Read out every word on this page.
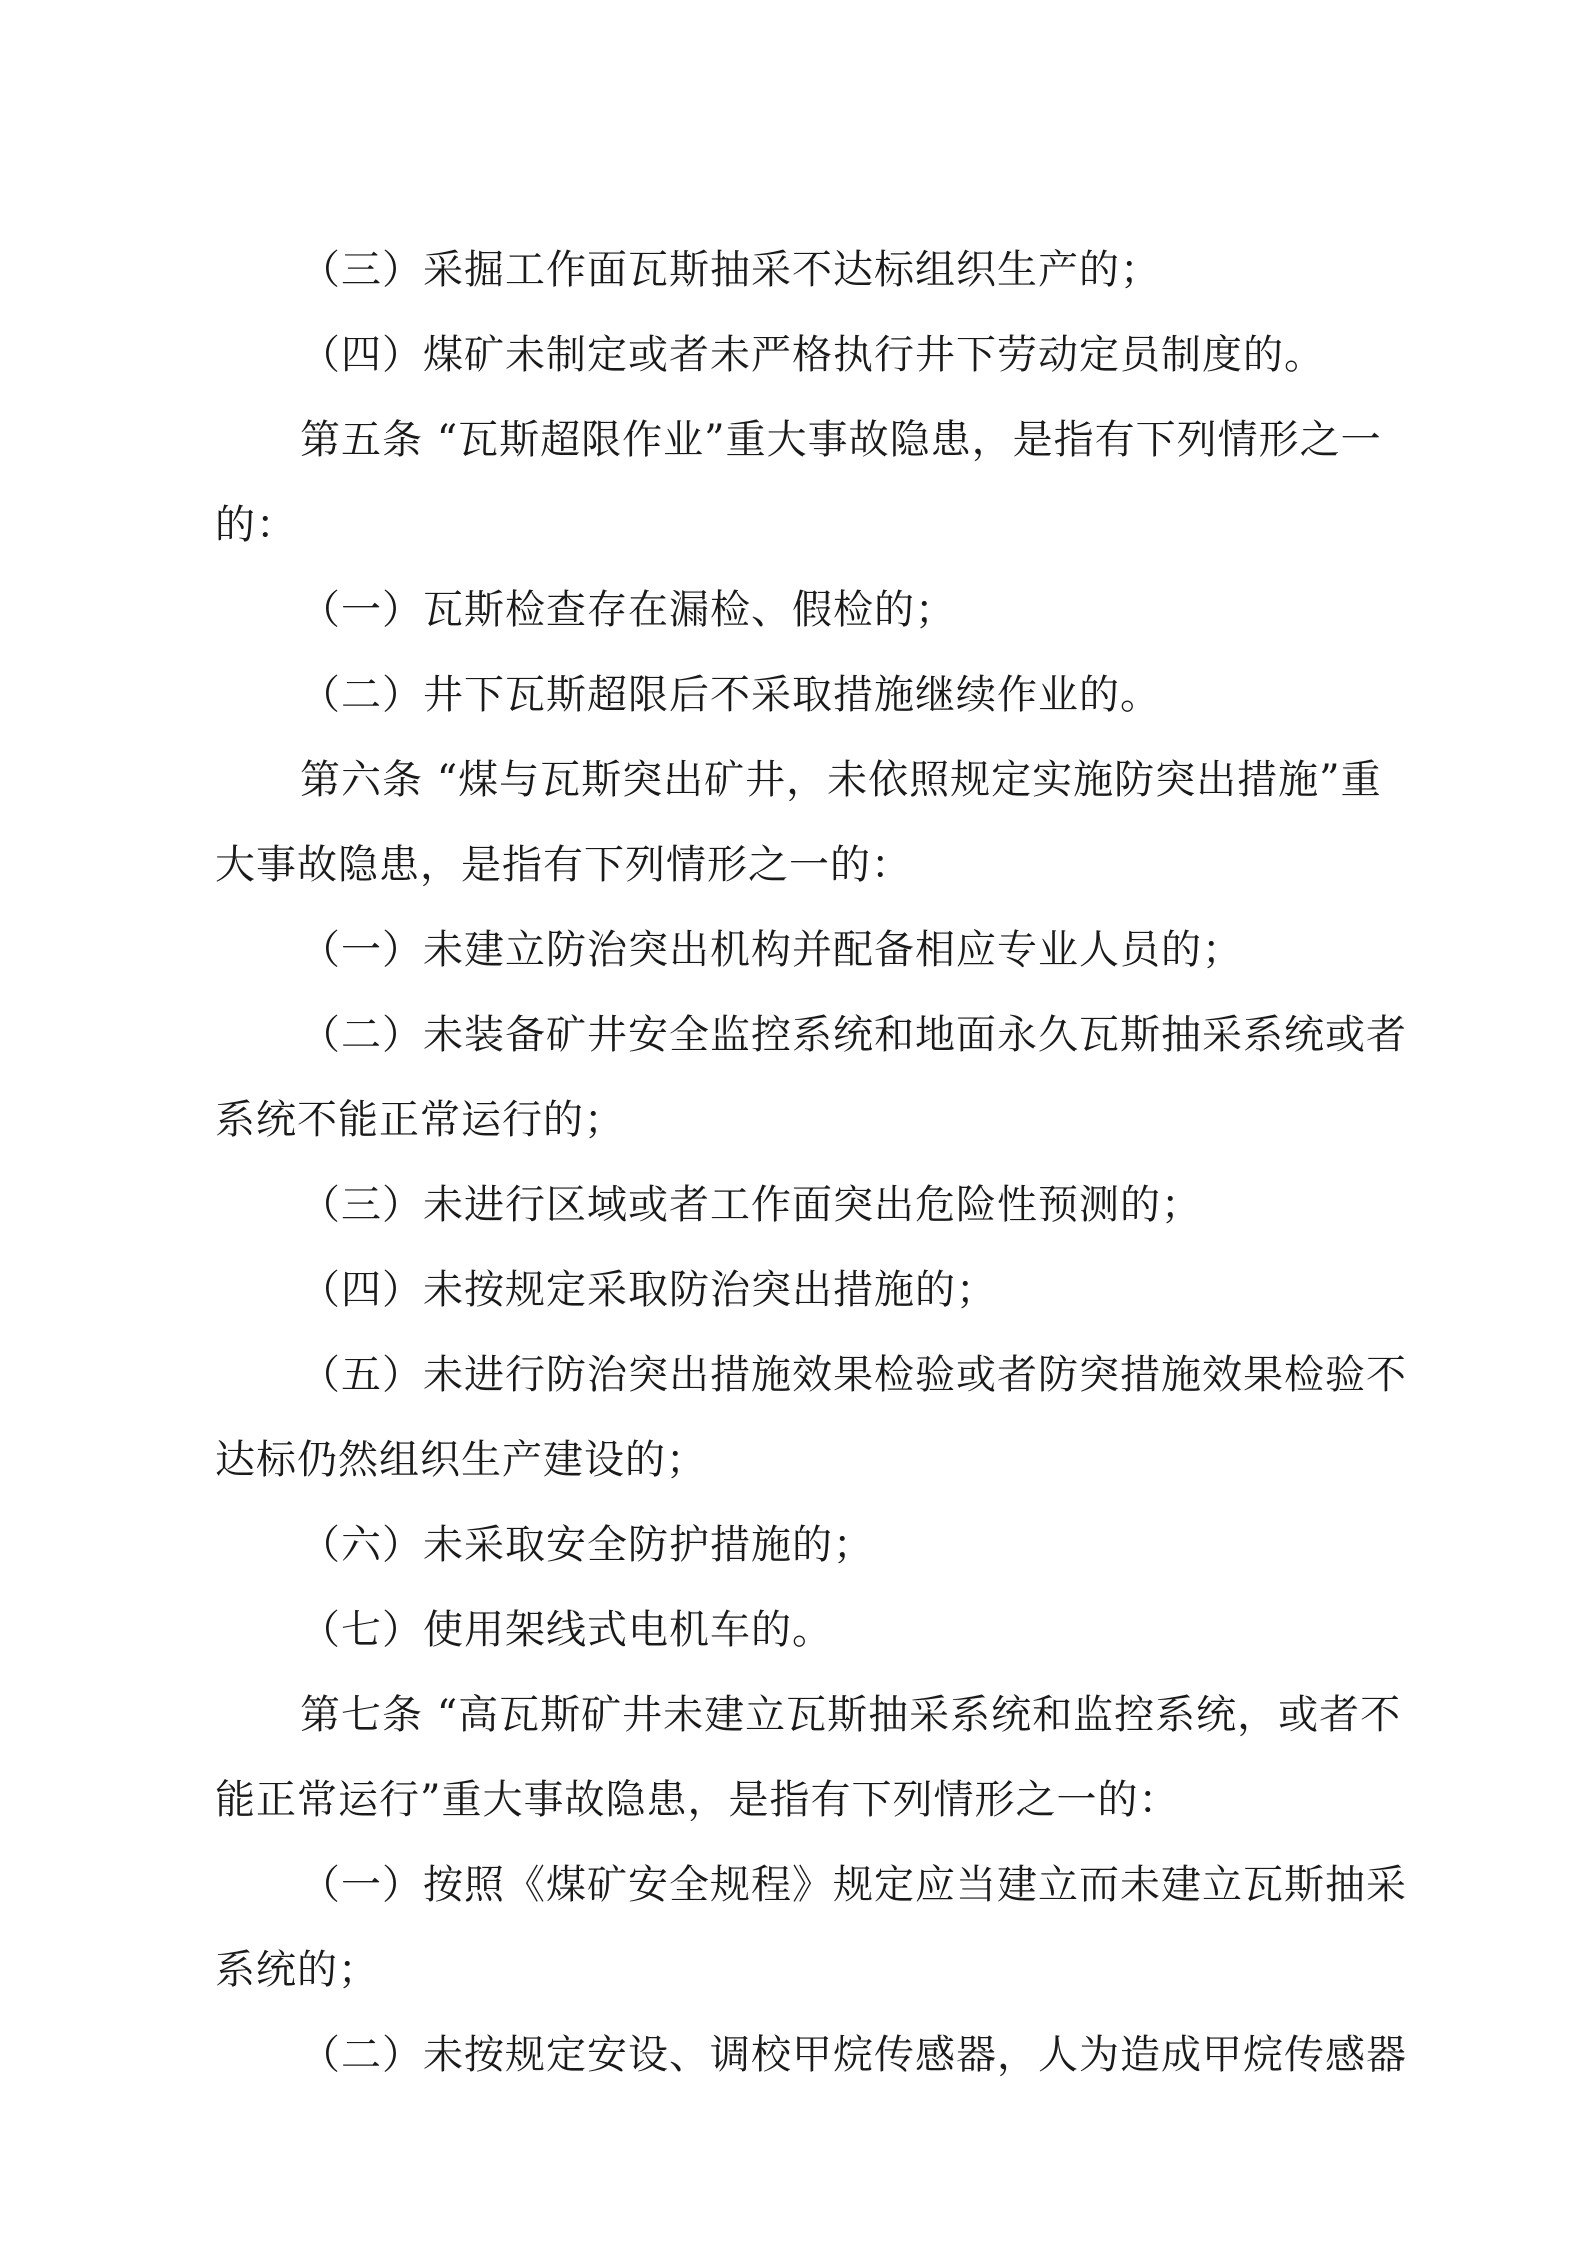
（三）采掘工作面瓦斯抽采不达标组织生产的；
（四）煤矿未制定或者未严格执行井下劳动定员制度的。
第五条 “瓦斯超限作业”重大事故隐患，是指有下列情形之一
的：
（一）瓦斯检查存在漏检、假检的；
（二）井下瓦斯超限后不采取措施继续作业的。
第六条 “煤与瓦斯突出矿井，未依照规定实施防突出措施”重
大事故隐患，是指有下列情形之一的：
（一）未建立防治突出机构并配备相应专业人员的；
（二）未装备矿井安全监控系统和地面永久瓦斯抽采系统或者
系统不能正常运行的；
（三）未进行区域或者工作面突出危险性预测的；
（四）未按规定采取防治突出措施的；
（五）未进行防治突出措施效果检验或者防突措施效果检验不
达标仍然组织生产建设的；
（六）未采取安全防护措施的；
（七）使用架线式电机车的。
第七条 “高瓦斯矿井未建立瓦斯抽采系统和监控系统，或者不
能正常运行”重大事故隐患，是指有下列情形之一的：
（一）按照《煤矿安全规程》规定应当建立而未建立瓦斯抽采
系统的；
（二）未按规定安设、调校甲烷传感器，人为造成甲烷传感器
